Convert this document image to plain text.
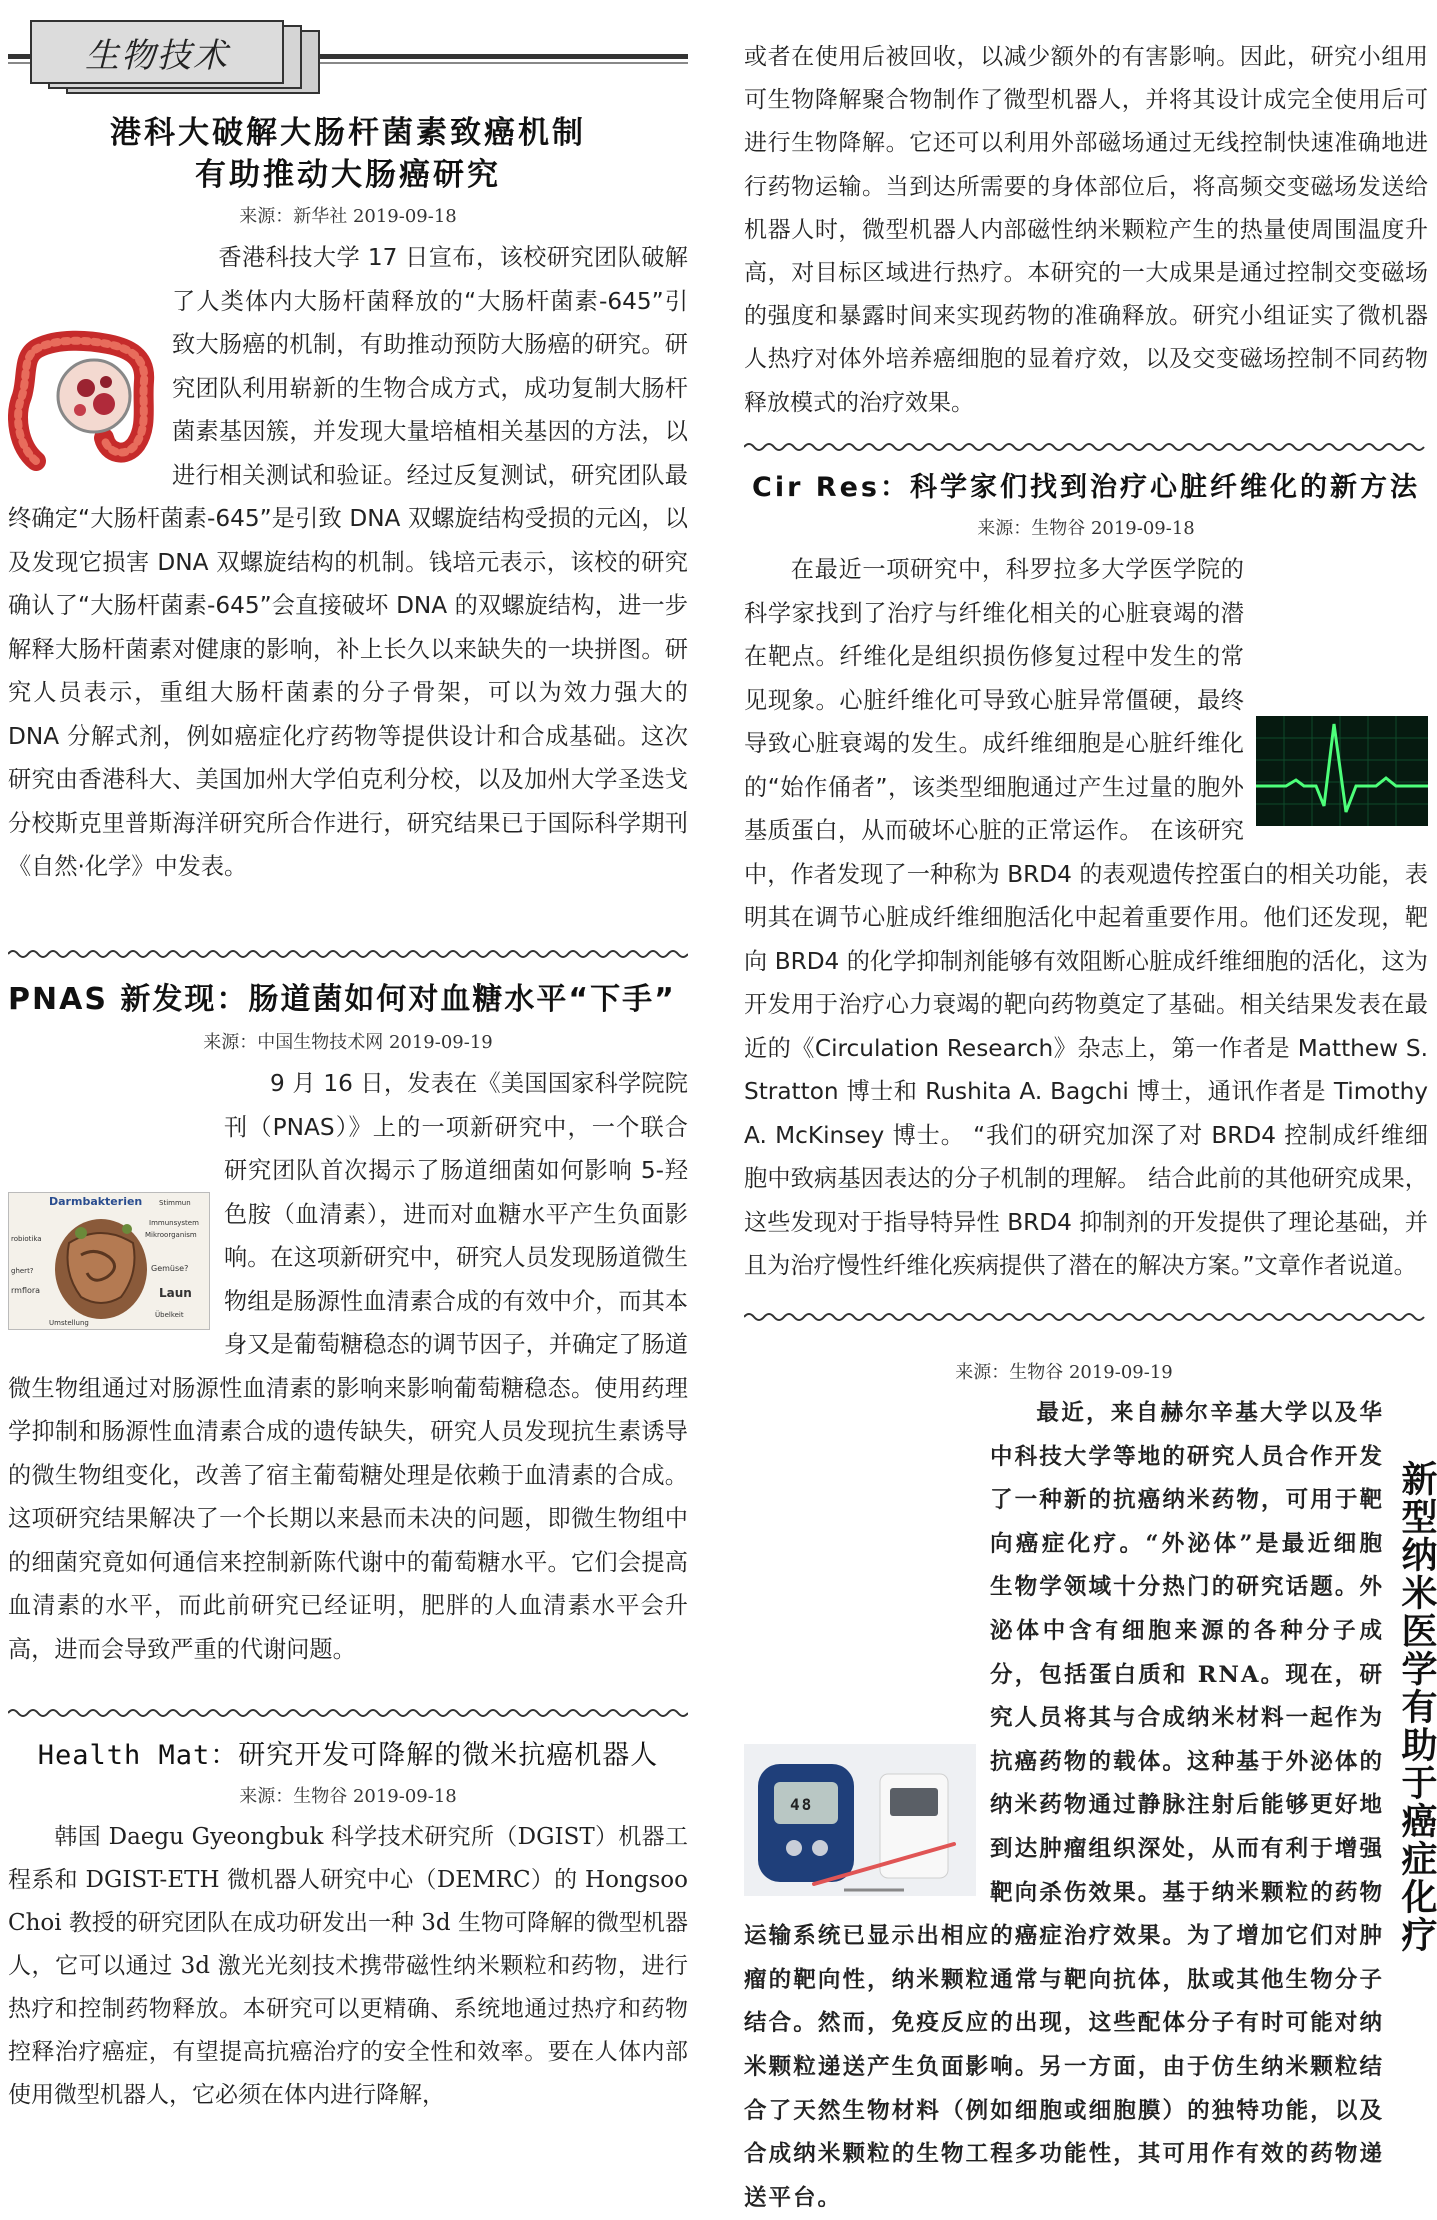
生物技术

港科大破解大肠杆菌素致癌机制

有助推动大肠癌研究

来源：新华社 2019-09-18

香港科技大学 17 日宣布，该校研究团队破解了人类体内大肠杆菌释放的“大肠杆菌素-645”引致大肠癌的机制，有助推动预防大肠癌的研究。研究团队利用崭新的生物合成方式，成功复制大肠杆菌素基因簇，并发现大量培植相关基因的方法，以进行相关测试和验证。经过反复测试，研究团队最终确定“大肠杆菌素-645”是引致 DNA 双螺旋结构受损的元凶，以及发现它损害 DNA 双螺旋结构的机制。钱培元表示，该校的研究确认了“大肠杆菌素-645”会直接破坏 DNA 的双螺旋结构，进一步解释大肠杆菌素对健康的影响，补上长久以来缺失的一块拼图。研究人员表示，重组大肠杆菌素的分子骨架，可以为效力强大的 DNA 分解式剂，例如癌症化疗药物等提供设计和合成基础。这次研究由香港科大、美国加州大学伯克利分校，以及加州大学圣迭戈分校斯克里普斯海洋研究所合作进行，研究结果已于国际科学期刊《自然·化学》中发表。

PNAS 新发现：肠道菌如何对血糖水平“下手”

来源：中国生物技术网 2019-09-19

Darmbakterien Stimmun
Immunsystem
Mikroorganism
robiotika
Gemüse?
Laun
Übelkeit
rmflora
ghert?
Umstellung
9 月 16 日，发表在《美国国家科学院院刊（PNAS）》上的一项新研究中，一个联合研究团队首次揭示了肠道细菌如何影响 5-羟色胺（血清素），进而对血糖水平产生负面影响。在这项新研究中，研究人员发现肠道微生物组是肠源性血清素合成的有效中介，而其本身又是葡萄糖稳态的调节因子，并确定了肠道微生物组通过对肠源性血清素的影响来影响葡萄糖稳态。使用药理学抑制和肠源性血清素合成的遗传缺失，研究人员发现抗生素诱导的微生物组变化，改善了宿主葡萄糖处理是依赖于血清素的合成。这项研究结果解决了一个长期以来悬而未决的问题，即微生物组中的细菌究竟如何通信来控制新陈代谢中的葡萄糖水平。它们会提高血清素的水平，而此前研究已经证明，肥胖的人血清素水平会升高，进而会导致严重的代谢问题。

Health Mat：研究开发可降解的微米抗癌机器人

来源：生物谷 2019-09-18

韩国 Daegu Gyeongbuk 科学技术研究所（DGIST）机器工程系和 DGIST-ETH 微机器人研究中心（DEMRC）的 Hongsoo Choi 教授的研究团队在成功研发出一种 3d 生物可降解的微型机器人，它可以通过 3d 激光光刻技术携带磁性纳米颗粒和药物，进行热疗和控制药物释放。本研究可以更精确、系统地通过热疗和药物控释治疗癌症，有望提高抗癌治疗的安全性和效率。要在人体内部使用微型机器人，它必须在体内进行降解，

或者在使用后被回收，以减少额外的有害影响。因此，研究小组用可生物降解聚合物制作了微型机器人，并将其设计成完全使用后可进行生物降解。它还可以利用外部磁场通过无线控制快速准确地进行药物运输。当到达所需要的身体部位后，将高频交变磁场发送给机器人时，微型机器人内部磁性纳米颗粒产生的热量使周围温度升高，对目标区域进行热疗。本研究的一大成果是通过控制交变磁场的强度和暴露时间来实现药物的准确释放。研究小组证实了微机器人热疗对体外培养癌细胞的显着疗效，以及交变磁场控制不同药物释放模式的治疗效果。

Cir Res：科学家们找到治疗心脏纤维化的新方法

来源：生物谷 2019-09-18

在最近一项研究中，科罗拉多大学医学院的科学家找到了治疗与纤维化相关的心脏衰竭的潜在靶点。纤维化是组织损伤修复过程中发生的常见现象。心脏纤维化可导致心脏异常僵硬，最终导致心脏衰竭的发生。成纤维细胞是心脏纤维化的“始作俑者”，该类型细胞通过产生过量的胞外基质蛋白，从而破坏心脏的正常运作。 在该研究中，作者发现了一种称为 BRD4 的表观遗传控蛋白的相关功能，表明其在调节心脏成纤维细胞活化中起着重要作用。他们还发现，靶向 BRD4 的化学抑制剂能够有效阻断心脏成纤维细胞的活化，这为开发用于治疗心力衰竭的靶向药物奠定了基础。相关结果发表在最近的《Circulation Research》杂志上，第一作者是 Matthew S. Stratton 博士和 Rushita A. Bagchi 博士，通讯作者是 Timothy A. McKinsey 博士。 “我们的研究加深了对 BRD4 控制成纤维细胞中致病基因表达的分子机制的理解。 结合此前的其他研究成果，这些发现对于指导特异性 BRD4 抑制剂的开发提供了理论基础，并且为治疗慢性纤维化疾病提供了潜在的解决方案。”文章作者说道。

来源：生物谷 2019-09-19

48
最近，来自赫尔辛基大学以及华中科技大学等地的研究人员合作开发了一种新的抗癌纳米药物，可用于靶向癌症化疗。“外泌体”是最近细胞生物学领域十分热门的研究话题。外泌体中含有细胞来源的各种分子成分，包括蛋白质和 RNA。现在，研究人员将其与合成纳米材料一起作为抗癌药物的载体。这种基于外泌体的纳米药物通过静脉注射后能够更好地到达肿瘤组织深处，从而有利于增强靶向杀伤效果。基于纳米颗粒的药物运输系统已显示出相应的癌症治疗效果。为了增加它们对肿瘤的靶向性，纳米颗粒通常与靶向抗体，肽或其他生物分子结合。然而，免疫反应的出现，这些配体分子有时可能对纳米颗粒递送产生负面影响。另一方面，由于仿生纳米颗粒结合了天然生物材料（例如细胞或细胞膜）的独特功能，以及合成纳米颗粒的生物工程多功能性，其可用作有效的药物递送平台。
新型纳米医学有助于癌症化疗
